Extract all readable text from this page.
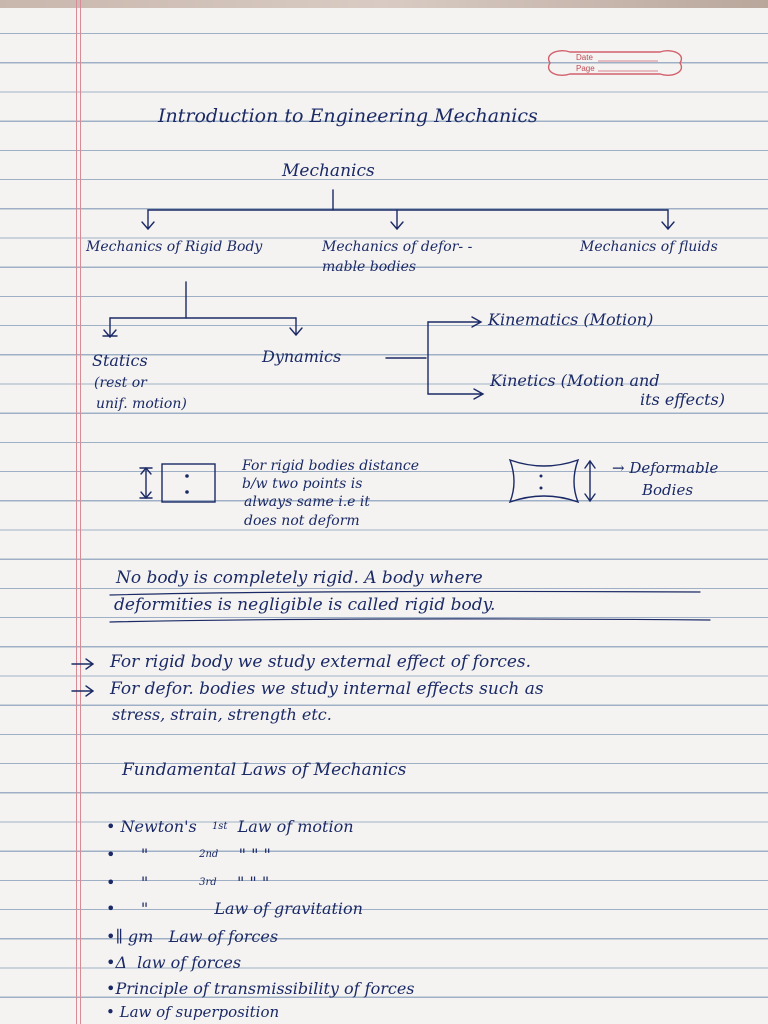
Date
Page
Introduction to Engineering Mechanics
Mechanics
Mechanics of Rigid Body	Mechanics of defor- -mable bodies
Mechanics of fluids
Statics
(rest or
unif. motion)
Dynamics
Kinematics (Motion)
Kinetics (Motion and
its effects)
For rigid bodies distance
b/w two points is
always same i.e it
does not deform
→ Deformable
Bodies
No body is completely rigid. A body where
deformities is negligible is called rigid body.
For rigid body we study external effect of forces.
For defor. bodies we study internal effects such as
stress, strain, strength etc.
Fundamental Laws of Mechanics
• Newton's $^{1st}$ Law of motion
• "	$^{2nd}$ " " "
• "	$^{3rd}$ " " "
• "	Law of gravitation
•∥ gm Law of forces
•Δ law of forces
•Principle of transmissibility of forces
• Law of superposition
